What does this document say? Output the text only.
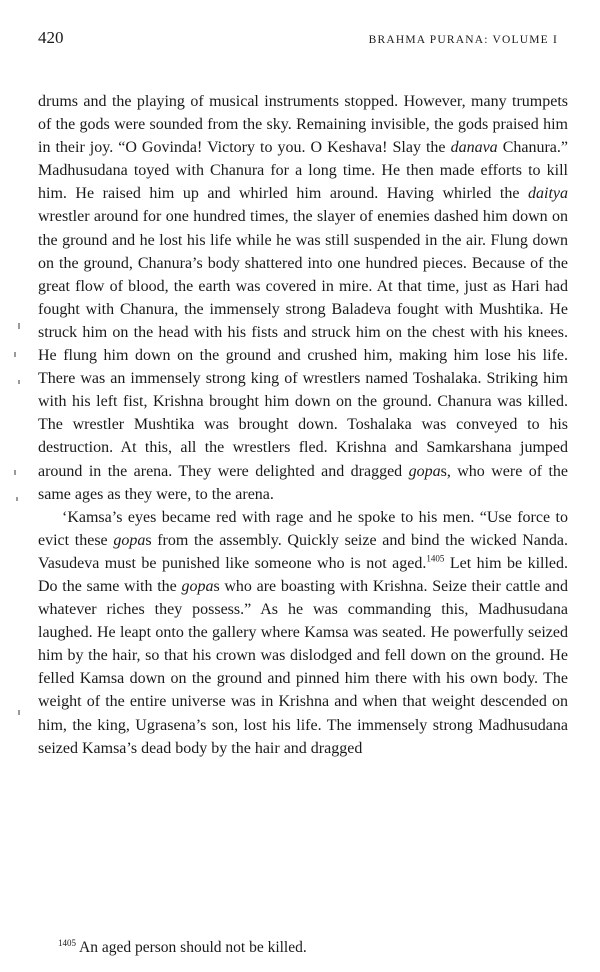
420	BRAHMA PURANA: VOLUME I

drums and the playing of musical instruments stopped. However, many trumpets of the gods were sounded from the sky. Remaining invisible, the gods praised him in their joy. “O Govinda! Victory to you. O Keshava! Slay the danava Chanura.” Madhusudana toyed with Chanura for a long time. He then made efforts to kill him. He raised him up and whirled him around. Having whirled the daitya wrestler around for one hundred times, the slayer of enemies dashed him down on the ground and he lost his life while he was still suspended in the air. Flung down on the ground, Chanura’s body shattered into one hundred pieces. Because of the great flow of blood, the earth was covered in mire. At that time, just as Hari had fought with Chanura, the immensely strong Baladeva fought with Mushtika. He struck him on the head with his fists and struck him on the chest with his knees. He flung him down on the ground and crushed him, making him lose his life. There was an immensely strong king of wrestlers named Toshalaka. Striking him with his left fist, Krishna brought him down on the ground. Chanura was killed. The wrestler Mushtika was brought down. Toshalaka was conveyed to his destruction. At this, all the wrestlers fled. Krishna and Samkarshana jumped around in the arena. They were delighted and dragged gopas, who were of the same ages as they were, to the arena.

‘Kamsa’s eyes became red with rage and he spoke to his men. “Use force to evict these gopas from the assembly. Quickly seize and bind the wicked Nanda. Vasudeva must be punished like someone who is not aged.$^{1405}$ Let him be killed. Do the same with the gopas who are boasting with Krishna. Seize their cattle and whatever riches they possess.” As he was commanding this, Madhusudana laughed. He leapt onto the gallery where Kamsa was seated. He powerfully seized him by the hair, so that his crown was dislodged and fell down on the ground. He felled Kamsa down on the ground and pinned him there with his own body. The weight of the entire universe was in Krishna and when that weight descended on him, the king, Ugrasena’s son, lost his life. The immensely strong Madhusudana seized Kamsa’s dead body by the hair and dragged

$^{1405}$ An aged person should not be killed.
